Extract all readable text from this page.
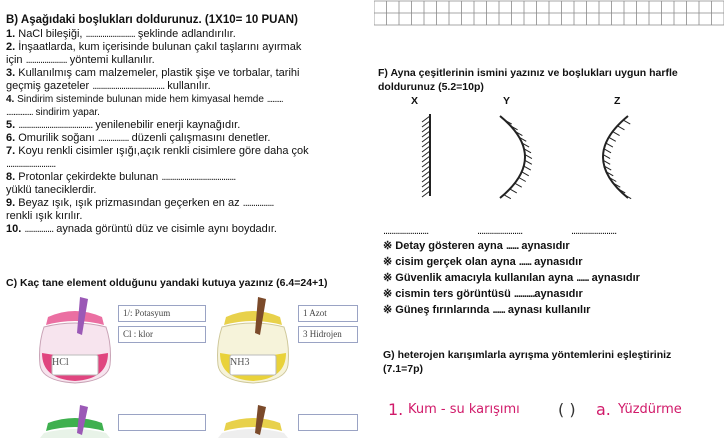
B) Aşağıdaki boşlukları doldurunuz. (1X10= 10 PUAN)
1. NaCl bileşiği, ........................ şeklinde adlandırılır.
2. İnşaatlarda, kum içerisinde bulunan çakıl taşlarını ayırmak
için .................... yöntemi kullanılır.
3. Kullanılmış cam malzemeler, plastik şişe ve torbalar, tarihi
geçmiş gazeteler ................................... kullanılır.
4. Sindirim sisteminde bulunan mide hem kimyasal hemde .........
............... sindirim yapar.
5. .................................... yenilenebilir enerji kaynağıdır.
6. Omurilik soğanı ............... düzenli çalışmasını denetler.
7. Koyu renkli cisimler ışığı,açık renkli cisimlere göre daha çok
........................
8. Protonlar çekirdekte bulunan ....................................
yüklü taneciklerdir.
9. Beyaz ışık, ışık prizmasından geçerken en az ...............
renkli ışık kırılır.
10. .............. aynada görüntü düz ve cisimle aynı boydadır.
C) Kaç tane element olduğunu yandaki kutuya yazınız (6.4=24+1)
HCl
1/: Potasyum
Cl : klor
NH3
1 Azot
3 Hidrojen
F) Ayna çeşitlerinin ismini yazınız ve boşlukları uygun harfle
doldurunuz (5.2=10p)
X	Y	Z
......................	......................	......................
※ Detay gösteren ayna ...... aynasıdır
※ cisim gerçek olan ayna ...... aynasıdır
※ Güvenlik amacıyla kullanılan ayna ...... aynasıdır
※ cismin ters görüntüsü ..........aynasıdır
※ Güneş fırınlarında ...... aynası kullanılır
G) heterojen karışımlarla ayrışma yöntemlerini eşleştiriniz
(7.1=7p)
1. Kum - su karışımı ( ) a. Yüzdürme
